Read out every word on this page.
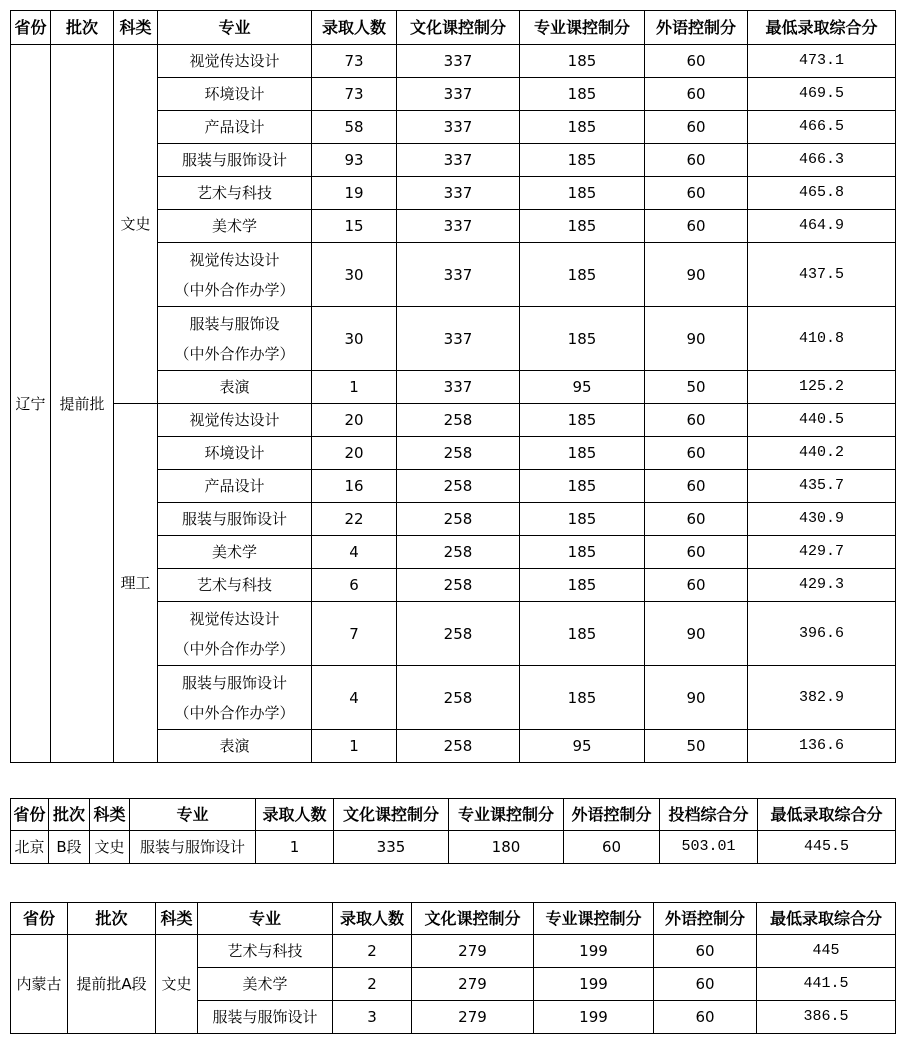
省份	批次	科类	专业	录取人数	文化课控制分	专业课控制分	外语控制分	最低录取综合分
辽宁	提前批	文史	视觉传达设计	73	337	185	60	473.1

			环境设计	73	337	185	60	469.5

			产品设计	58	337	185	60	466.5

			服装与服饰设计	93	337	185	60	466.3

			艺术与科技	19	337	185	60	465.8

			美术学	15	337	185	60	464.9

			视觉传达设计
（中外合作办学）	30	337	185	90	437.5

			服装与服饰设
（中外合作办学）	30	337	185	90	410.8

			表演	1	337	95	50	125.2
		理工	视觉传达设计	20	258	185	60	440.5

			环境设计	20	258	185	60	440.2

			产品设计	16	258	185	60	435.7

			服装与服饰设计	22	258	185	60	430.9

			美术学	4	258	185	60	429.7

			艺术与科技	6	258	185	60	429.3

			视觉传达设计
（中外合作办学）	7	258	185	90	396.6

			服装与服饰设计
（中外合作办学）	4	258	185	90	382.9

			表演	1	258	95	50	136.6
省份	批次	科类	专业	录取人数	文化课控制分	专业课控制分	外语控制分	投档综合分	最低录取综合分
北京	B段	文史	服装与服饰设计	1	335	180	60	503.01	445.5
省份	批次	科类	专业	录取人数	文化课控制分	专业课控制分	外语控制分	最低录取综合分
内蒙古	提前批A段	文史	艺术与科技	2	279	199	60	445
			美术学	2	279	199	60	441.5
			服装与服饰设计	3	279	199	60	386.5
